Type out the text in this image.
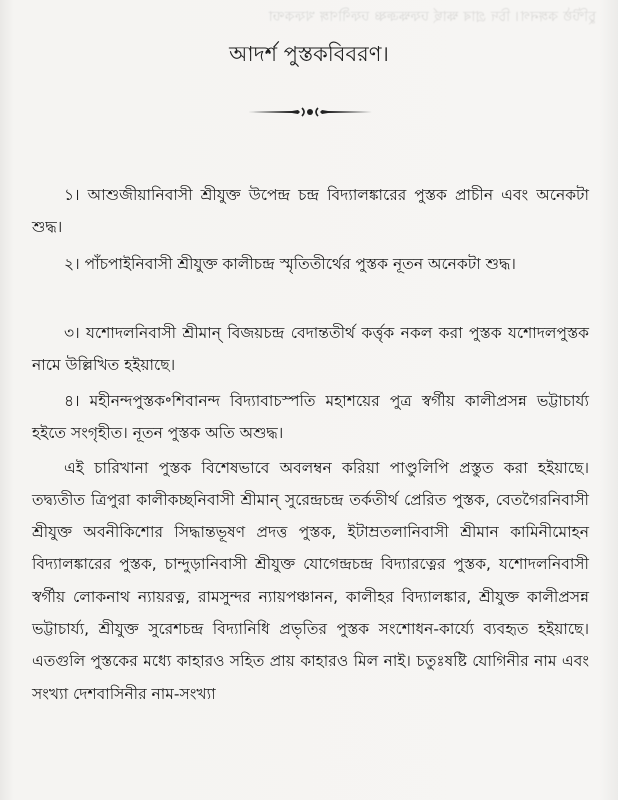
চুণ্টিষ্ঠ কঙ্গনগ। চিদ গ্ৰাৰ ক্ষাৰ্ছ ঢফক্ষক্ৰষ্ণ ঢফণীণঙ্গ খফকণ্ঢা
আদর্শ পুস্তকবিবরণ।

১। আশুজীয়ানিবাসী শ্রীযুক্ত উপেন্দ্র চন্দ্র বিদ্যালঙ্কারের পুস্তক প্রাচীন এবং অনেকটা শুদ্ধ।

২। পাঁচপাইনিবাসী শ্রীযুক্ত কালীচন্দ্র স্মৃতিতীর্থের পুস্তক নূতন অনেকটা শুদ্ধ।

৩। যশোদলনিবাসী শ্রীমান্ বিজয়চন্দ্র বেদান্ততীর্থ কর্ত্তৃক নকল করা পুস্তক যশোদলপুস্তক নামে উল্লিখিত হইয়াছে।

৪। মহীনন্দপুস্তক॰শিবানন্দ বিদ্যাবাচস্পতি মহাশয়ের পুত্র স্বর্গীয় কালীপ্রসন্ন ভট্টাচার্য্য হইতে সংগৃহীত। নূতন পুস্তক অতি অশুদ্ধ।

এই চারিখানা পুস্তক বিশেষভাবে অবলম্বন করিয়া পাণ্ডুলিপি প্রস্তুত করা হইয়াছে। তদ্ব্যতীত ত্রিপুরা কালীকচ্ছনিবাসী শ্রীমান্ সুরেন্দ্রচন্দ্র তর্কতীর্থ প্রেরিত পুস্তক, বেতগৈরনিবাসী শ্রীযুক্ত অবনীকিশোর সিদ্ধান্তভূষণ প্রদত্ত পুস্তক, ইটাম্রতলানিবাসী শ্রীমান কামিনীমোহন বিদ্যালঙ্কারের পুস্তক, চান্দুড়ানিবাসী শ্রীযুক্ত যোগেন্দ্রচন্দ্র বিদ্যারত্নের পুস্তক, যশোদলনিবাসী স্বর্গীয় লোকনাথ ন্যায়রত্ন, রামসুন্দর ন্যায়পঞ্চানন, কালীহর বিদ্যালঙ্কার, শ্রীযুক্ত কালীপ্রসন্ন ভট্টাচার্য্য, শ্রীযুক্ত সুরেশচন্দ্র বিদ্যানিধি প্রভৃতির পুস্তক সংশোধন-কার্য্যে ব্যবহৃত হইয়াছে। এতগুলি পুস্তকের মধ্যে কাহারও সহিত প্রায় কাহারও মিল নাই। চতুঃষষ্টি যোগিনীর নাম এবং সংখ্যা দেশবাসিনীর নাম-সংখ্যা
